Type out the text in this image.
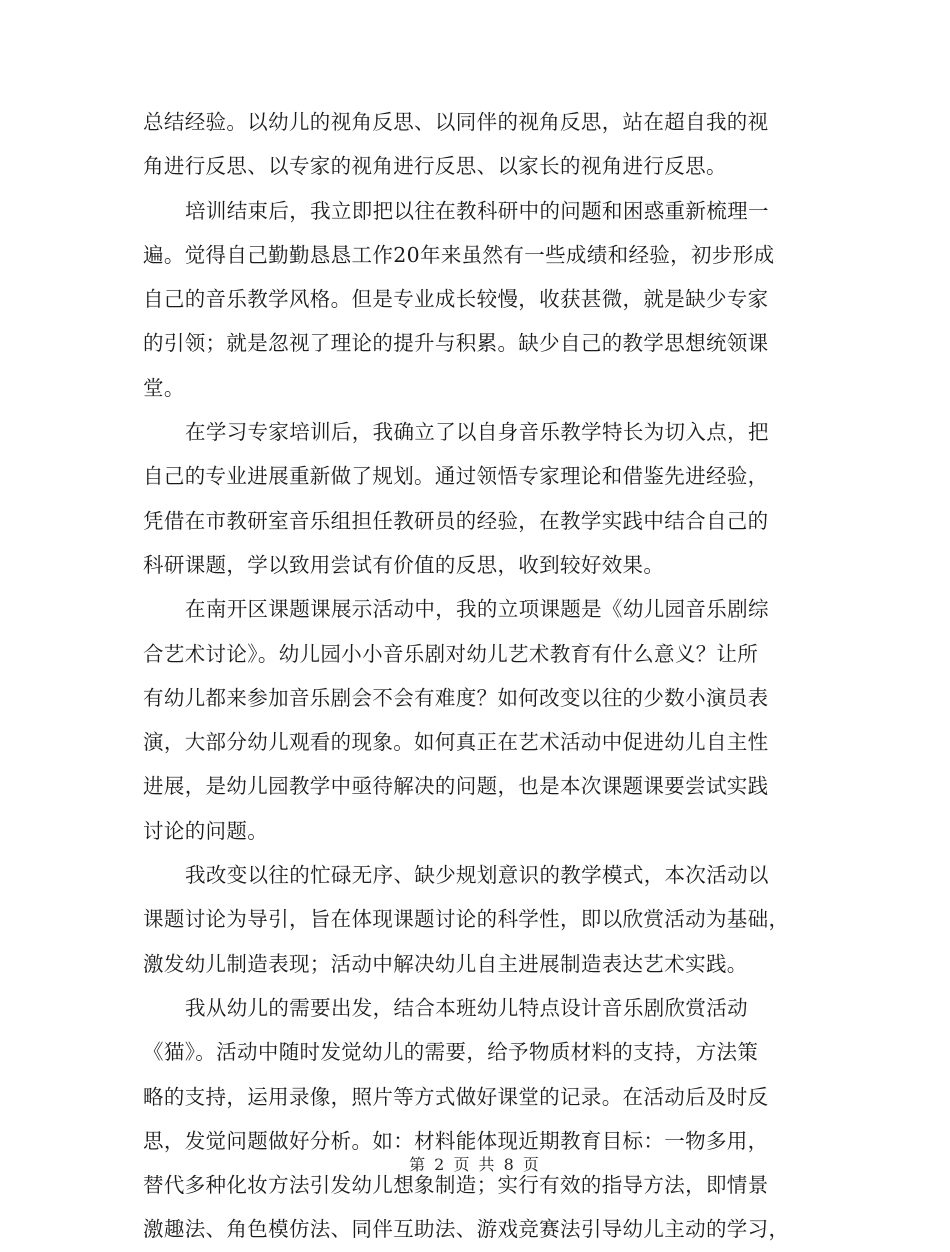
总结经验。以幼儿的视角反思、以同伴的视角反思，站在超自我的视
角进行反思、以专家的视角进行反思、以家长的视角进行反思。
培训结束后，我立即把以往在教科研中的问题和困惑重新梳理一
遍。觉得自己勤勤恳恳工作20年来虽然有一些成绩和经验，初步形成
自己的音乐教学风格。但是专业成长较慢，收获甚微，就是缺少专家
的引领；就是忽视了理论的提升与积累。缺少自己的教学思想统领课
堂。
在学习专家培训后，我确立了以自身音乐教学特长为切入点，把
自己的专业进展重新做了规划。通过领悟专家理论和借鉴先进经验，
凭借在市教研室音乐组担任教研员的经验，在教学实践中结合自己的
科研课题，学以致用尝试有价值的反思，收到较好效果。
在南开区课题课展示活动中，我的立项课题是《幼儿园音乐剧综
合艺术讨论》。幼儿园小小音乐剧对幼儿艺术教育有什么意义？让所
有幼儿都来参加音乐剧会不会有难度？如何改变以往的少数小演员表
演，大部分幼儿观看的现象。如何真正在艺术活动中促进幼儿自主性
进展，是幼儿园教学中亟待解决的问题，也是本次课题课要尝试实践
讨论的问题。
我改变以往的忙碌无序、缺少规划意识的教学模式，本次活动以
课题讨论为导引，旨在体现课题讨论的科学性，即以欣赏活动为基础，
激发幼儿制造表现；活动中解决幼儿自主进展制造表达艺术实践。
我从幼儿的需要出发，结合本班幼儿特点设计音乐剧欣赏活动
《猫》。活动中随时发觉幼儿的需要，给予物质材料的支持，方法策
略的支持，运用录像，照片等方式做好课堂的记录。在活动后及时反
思，发觉问题做好分析。如：材料能体现近期教育目标：一物多用，
替代多种化妆方法引发幼儿想象制造；实行有效的指导方法，即情景
激趣法、角色模仿法、同伴互助法、游戏竞赛法引导幼儿主动的学习，
第 2 页 共 8 页
